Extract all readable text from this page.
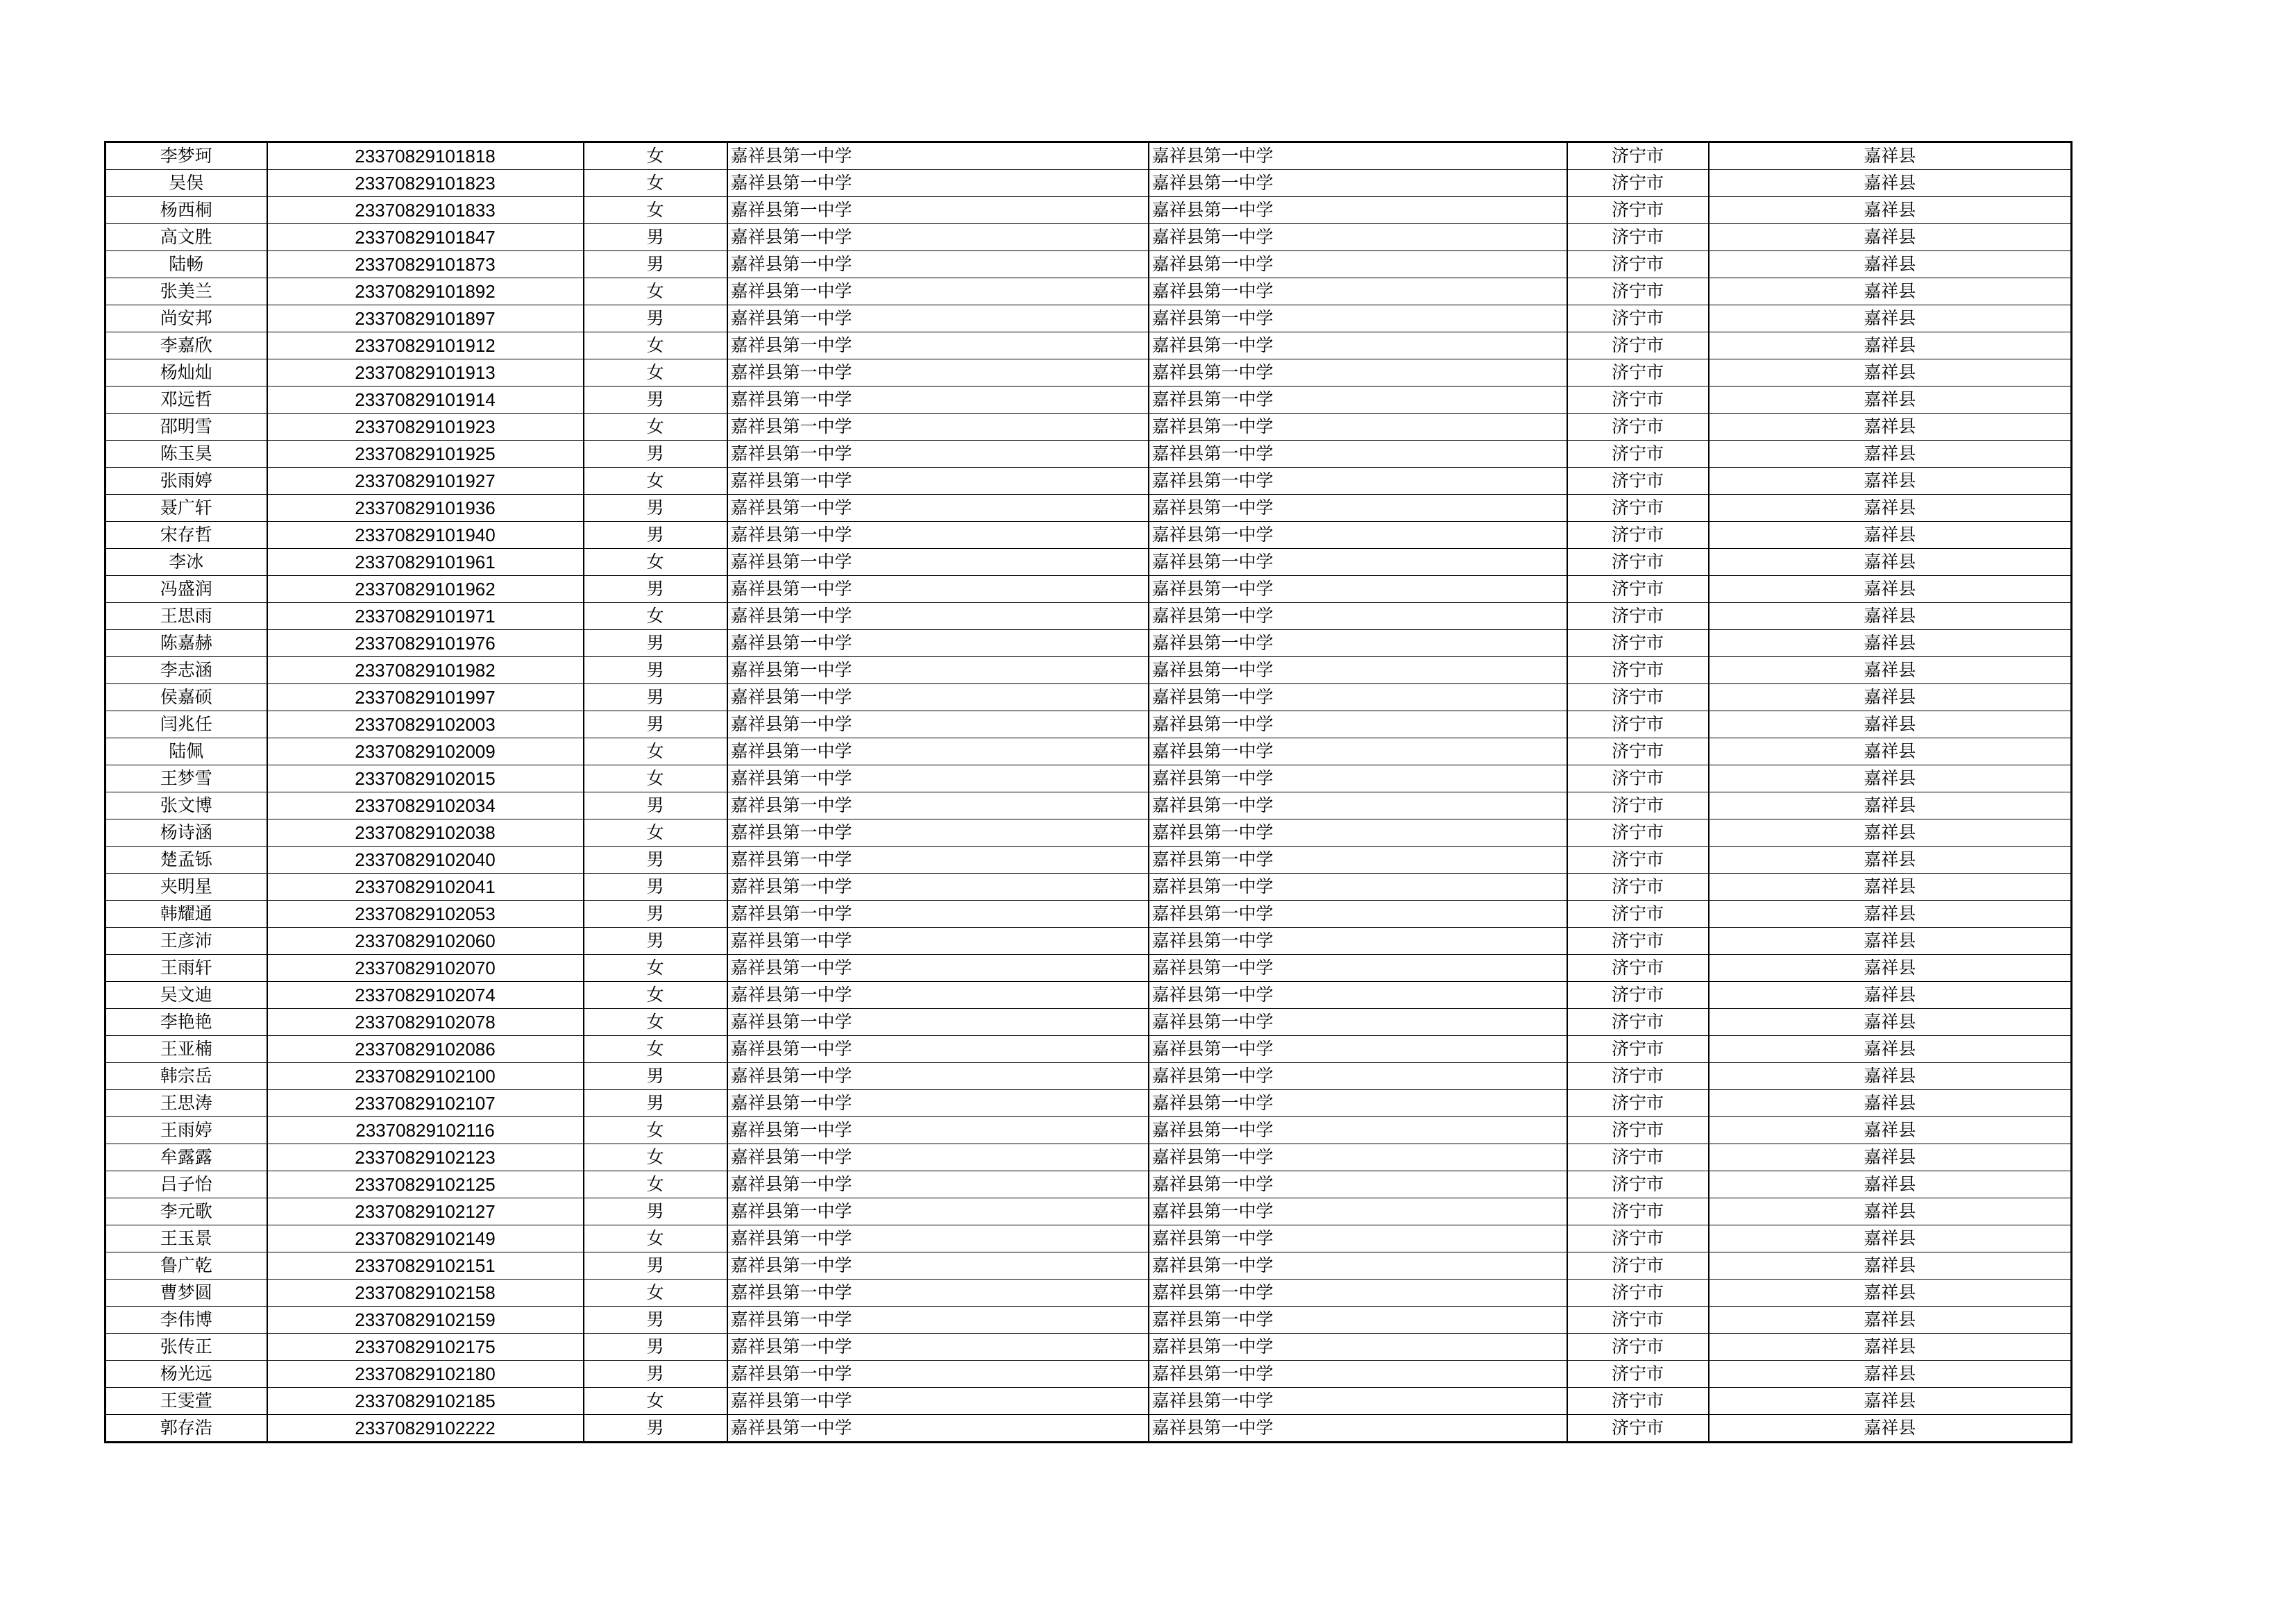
李梦珂	23370829101818	女	嘉祥县第一中学	嘉祥县第一中学	济宁市	嘉祥县
吴俣	23370829101823	女	嘉祥县第一中学	嘉祥县第一中学	济宁市	嘉祥县
杨西桐	23370829101833	女	嘉祥县第一中学	嘉祥县第一中学	济宁市	嘉祥县
高文胜	23370829101847	男	嘉祥县第一中学	嘉祥县第一中学	济宁市	嘉祥县
陆畅	23370829101873	男	嘉祥县第一中学	嘉祥县第一中学	济宁市	嘉祥县
张美兰	23370829101892	女	嘉祥县第一中学	嘉祥县第一中学	济宁市	嘉祥县
尚安邦	23370829101897	男	嘉祥县第一中学	嘉祥县第一中学	济宁市	嘉祥县
李嘉欣	23370829101912	女	嘉祥县第一中学	嘉祥县第一中学	济宁市	嘉祥县
杨灿灿	23370829101913	女	嘉祥县第一中学	嘉祥县第一中学	济宁市	嘉祥县
邓远哲	23370829101914	男	嘉祥县第一中学	嘉祥县第一中学	济宁市	嘉祥县
邵明雪	23370829101923	女	嘉祥县第一中学	嘉祥县第一中学	济宁市	嘉祥县
陈玉昊	23370829101925	男	嘉祥县第一中学	嘉祥县第一中学	济宁市	嘉祥县
张雨婷	23370829101927	女	嘉祥县第一中学	嘉祥县第一中学	济宁市	嘉祥县
聂广轩	23370829101936	男	嘉祥县第一中学	嘉祥县第一中学	济宁市	嘉祥县
宋存哲	23370829101940	男	嘉祥县第一中学	嘉祥县第一中学	济宁市	嘉祥县
李冰	23370829101961	女	嘉祥县第一中学	嘉祥县第一中学	济宁市	嘉祥县
冯盛润	23370829101962	男	嘉祥县第一中学	嘉祥县第一中学	济宁市	嘉祥县
王思雨	23370829101971	女	嘉祥县第一中学	嘉祥县第一中学	济宁市	嘉祥县
陈嘉赫	23370829101976	男	嘉祥县第一中学	嘉祥县第一中学	济宁市	嘉祥县
李志涵	23370829101982	男	嘉祥县第一中学	嘉祥县第一中学	济宁市	嘉祥县
侯嘉硕	23370829101997	男	嘉祥县第一中学	嘉祥县第一中学	济宁市	嘉祥县
闫兆任	23370829102003	男	嘉祥县第一中学	嘉祥县第一中学	济宁市	嘉祥县
陆佩	23370829102009	女	嘉祥县第一中学	嘉祥县第一中学	济宁市	嘉祥县
王梦雪	23370829102015	女	嘉祥县第一中学	嘉祥县第一中学	济宁市	嘉祥县
张文博	23370829102034	男	嘉祥县第一中学	嘉祥县第一中学	济宁市	嘉祥县
杨诗涵	23370829102038	女	嘉祥县第一中学	嘉祥县第一中学	济宁市	嘉祥县
楚孟铄	23370829102040	男	嘉祥县第一中学	嘉祥县第一中学	济宁市	嘉祥县
夹明星	23370829102041	男	嘉祥县第一中学	嘉祥县第一中学	济宁市	嘉祥县
韩耀通	23370829102053	男	嘉祥县第一中学	嘉祥县第一中学	济宁市	嘉祥县
王彦沛	23370829102060	男	嘉祥县第一中学	嘉祥县第一中学	济宁市	嘉祥县
王雨轩	23370829102070	女	嘉祥县第一中学	嘉祥县第一中学	济宁市	嘉祥县
吴文迪	23370829102074	女	嘉祥县第一中学	嘉祥县第一中学	济宁市	嘉祥县
李艳艳	23370829102078	女	嘉祥县第一中学	嘉祥县第一中学	济宁市	嘉祥县
王亚楠	23370829102086	女	嘉祥县第一中学	嘉祥县第一中学	济宁市	嘉祥县
韩宗岳	23370829102100	男	嘉祥县第一中学	嘉祥县第一中学	济宁市	嘉祥县
王思涛	23370829102107	男	嘉祥县第一中学	嘉祥县第一中学	济宁市	嘉祥县
王雨婷	23370829102116	女	嘉祥县第一中学	嘉祥县第一中学	济宁市	嘉祥县
牟露露	23370829102123	女	嘉祥县第一中学	嘉祥县第一中学	济宁市	嘉祥县
吕子怡	23370829102125	女	嘉祥县第一中学	嘉祥县第一中学	济宁市	嘉祥县
李元歌	23370829102127	男	嘉祥县第一中学	嘉祥县第一中学	济宁市	嘉祥县
王玉景	23370829102149	女	嘉祥县第一中学	嘉祥县第一中学	济宁市	嘉祥县
鲁广乾	23370829102151	男	嘉祥县第一中学	嘉祥县第一中学	济宁市	嘉祥县
曹梦圆	23370829102158	女	嘉祥县第一中学	嘉祥县第一中学	济宁市	嘉祥县
李伟博	23370829102159	男	嘉祥县第一中学	嘉祥县第一中学	济宁市	嘉祥县
张传正	23370829102175	男	嘉祥县第一中学	嘉祥县第一中学	济宁市	嘉祥县
杨光远	23370829102180	男	嘉祥县第一中学	嘉祥县第一中学	济宁市	嘉祥县
王雯萱	23370829102185	女	嘉祥县第一中学	嘉祥县第一中学	济宁市	嘉祥县
郭存浩	23370829102222	男	嘉祥县第一中学	嘉祥县第一中学	济宁市	嘉祥县
